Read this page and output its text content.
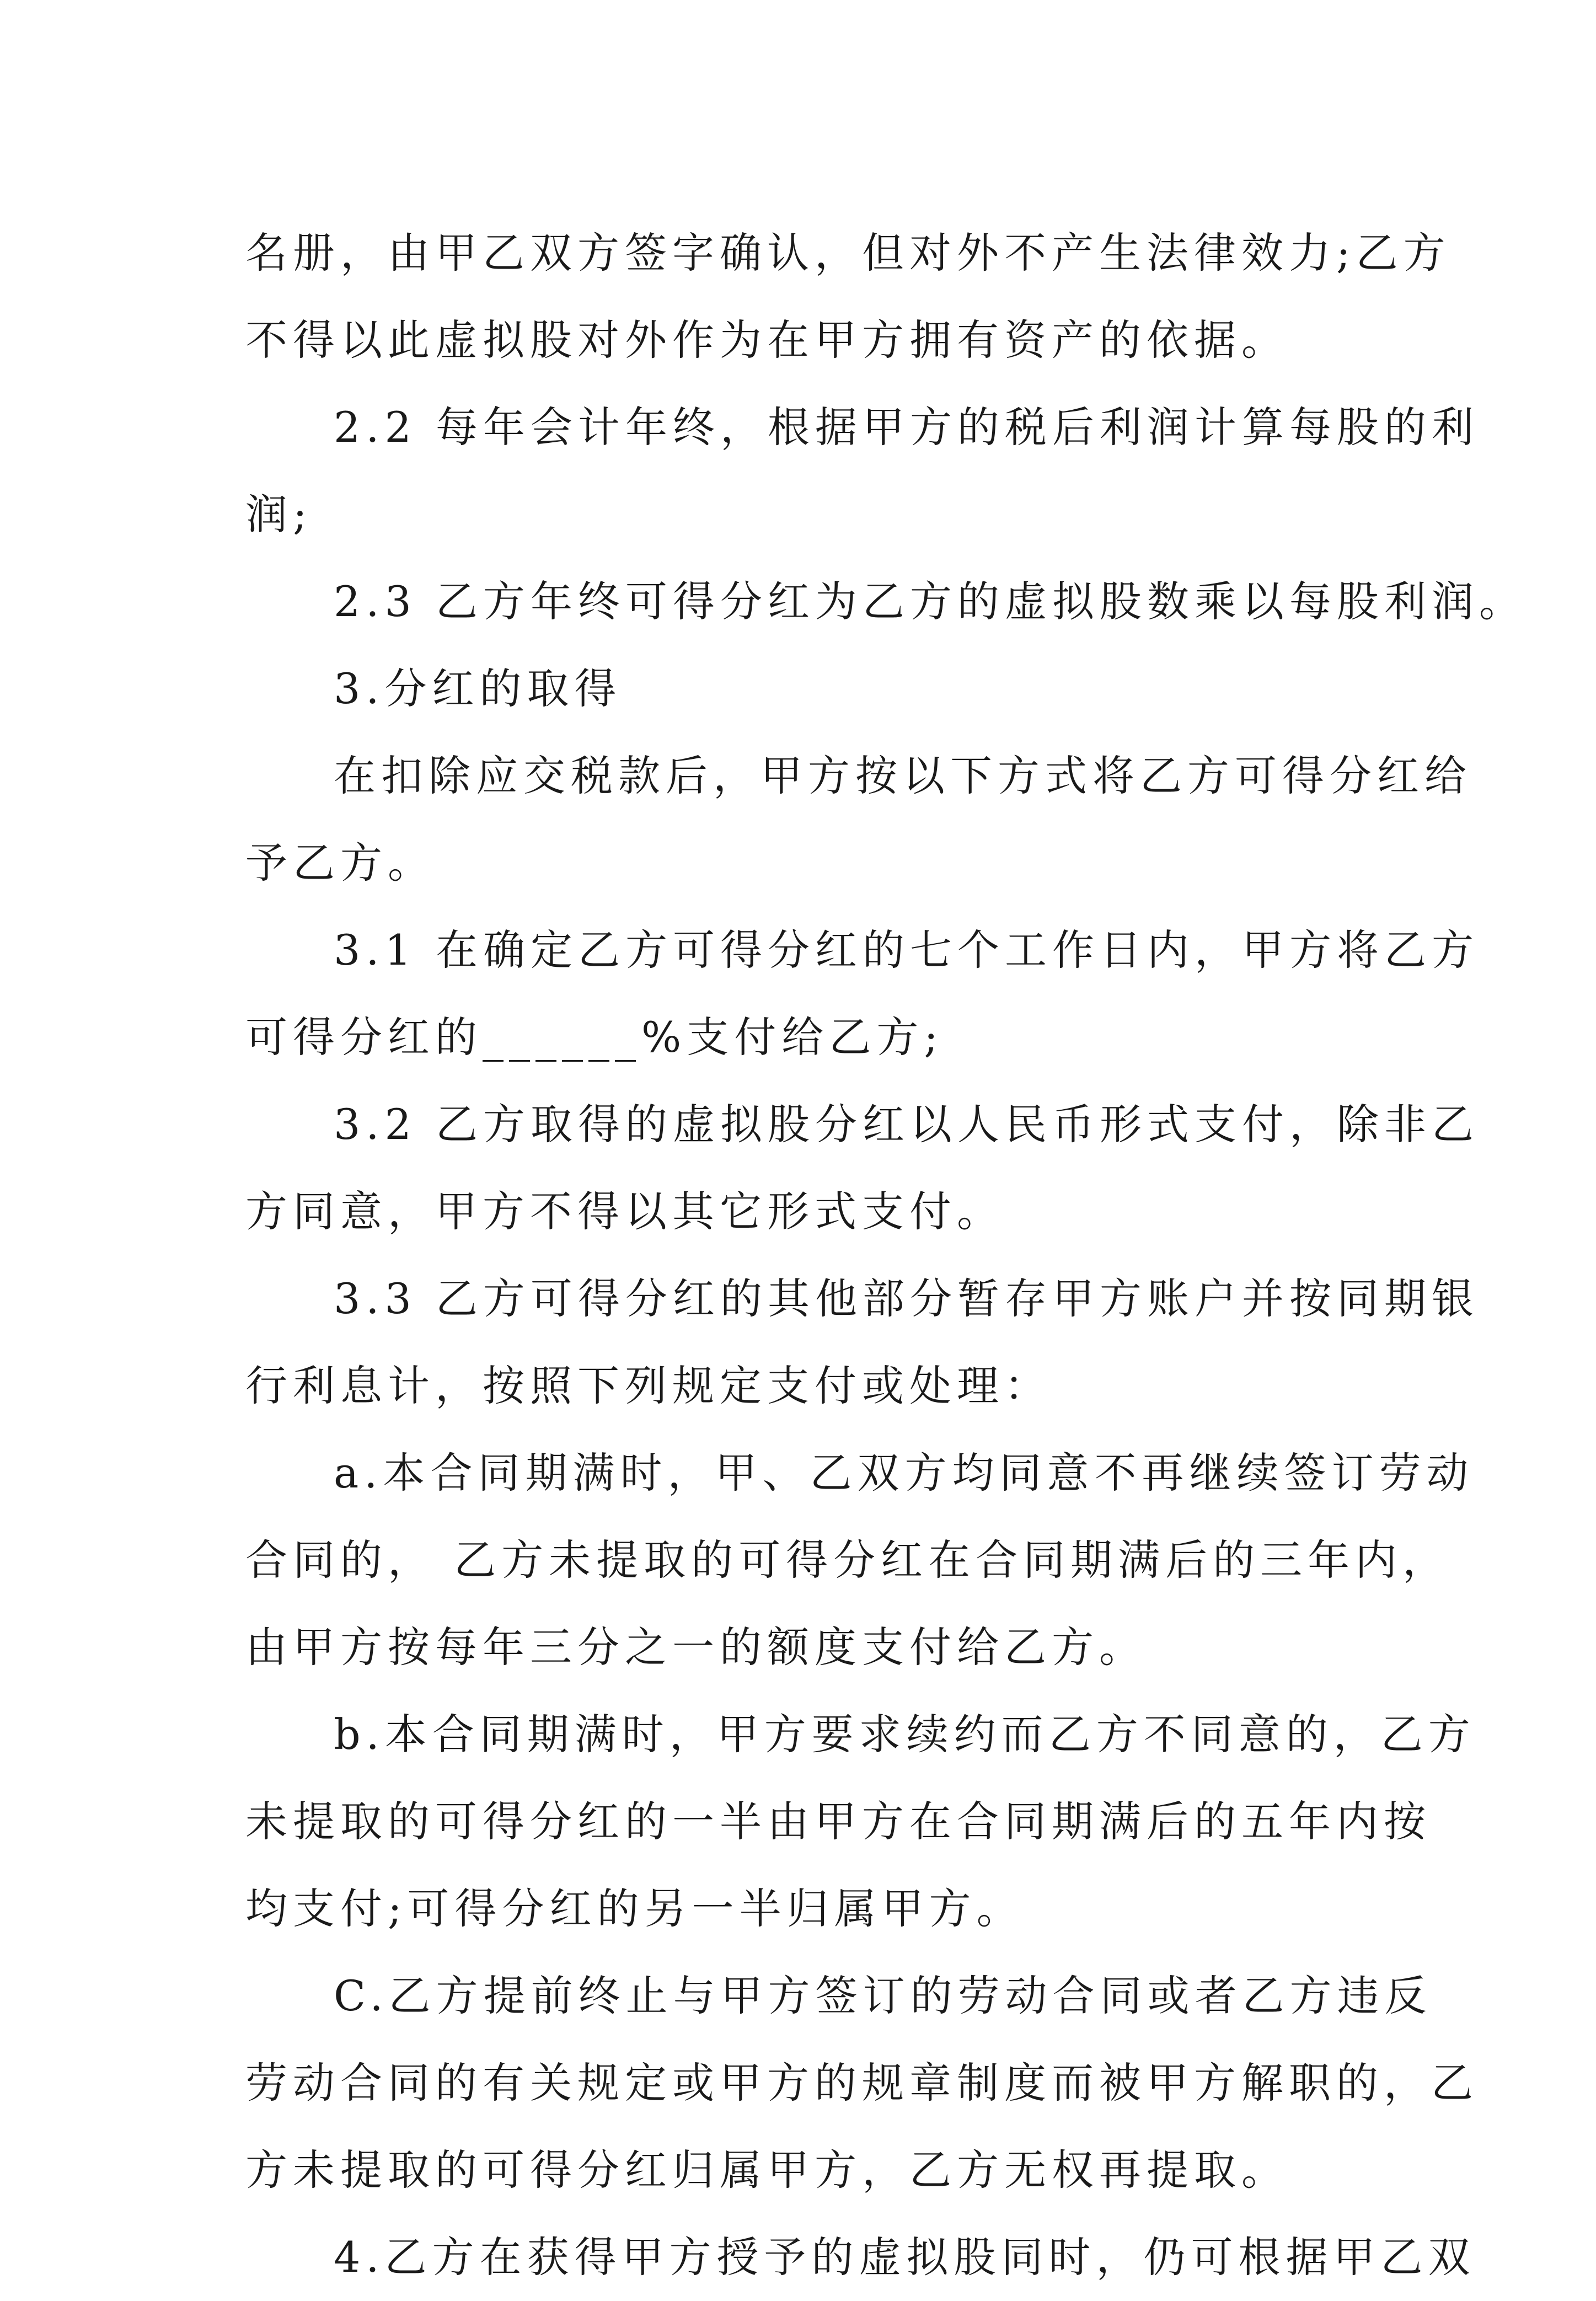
名册，由甲乙双方签字确认，但对外不产生法律效力;乙方
不得以此虚拟股对外作为在甲方拥有资产的依据。
2.2 每年会计年终，根据甲方的税后利润计算每股的利
润;
2.3 乙方年终可得分红为乙方的虚拟股数乘以每股利润。
3.分红的取得
在扣除应交税款后，甲方按以下方式将乙方可得分红给
予乙方。
3.1 在确定乙方可得分红的七个工作日内，甲方将乙方
可得分红的______%支付给乙方;
3.2 乙方取得的虚拟股分红以人民币形式支付，除非乙
方同意，甲方不得以其它形式支付。
3.3 乙方可得分红的其他部分暂存甲方账户并按同期银
行利息计，按照下列规定支付或处理：
a.本合同期满时，甲、乙双方均同意不再继续签订劳动
合同的， 乙方未提取的可得分红在合同期满后的三年内，
由甲方按每年三分之一的额度支付给乙方。
b.本合同期满时，甲方要求续约而乙方不同意的，乙方
未提取的可得分红的一半由甲方在合同期满后的五年内按
均支付;可得分红的另一半归属甲方。
C.乙方提前终止与甲方签订的劳动合同或者乙方违反
劳动合同的有关规定或甲方的规章制度而被甲方解职的，乙
方未提取的可得分红归属甲方，乙方无权再提取。
4.乙方在获得甲方授予的虚拟股同时，仍可根据甲乙双
